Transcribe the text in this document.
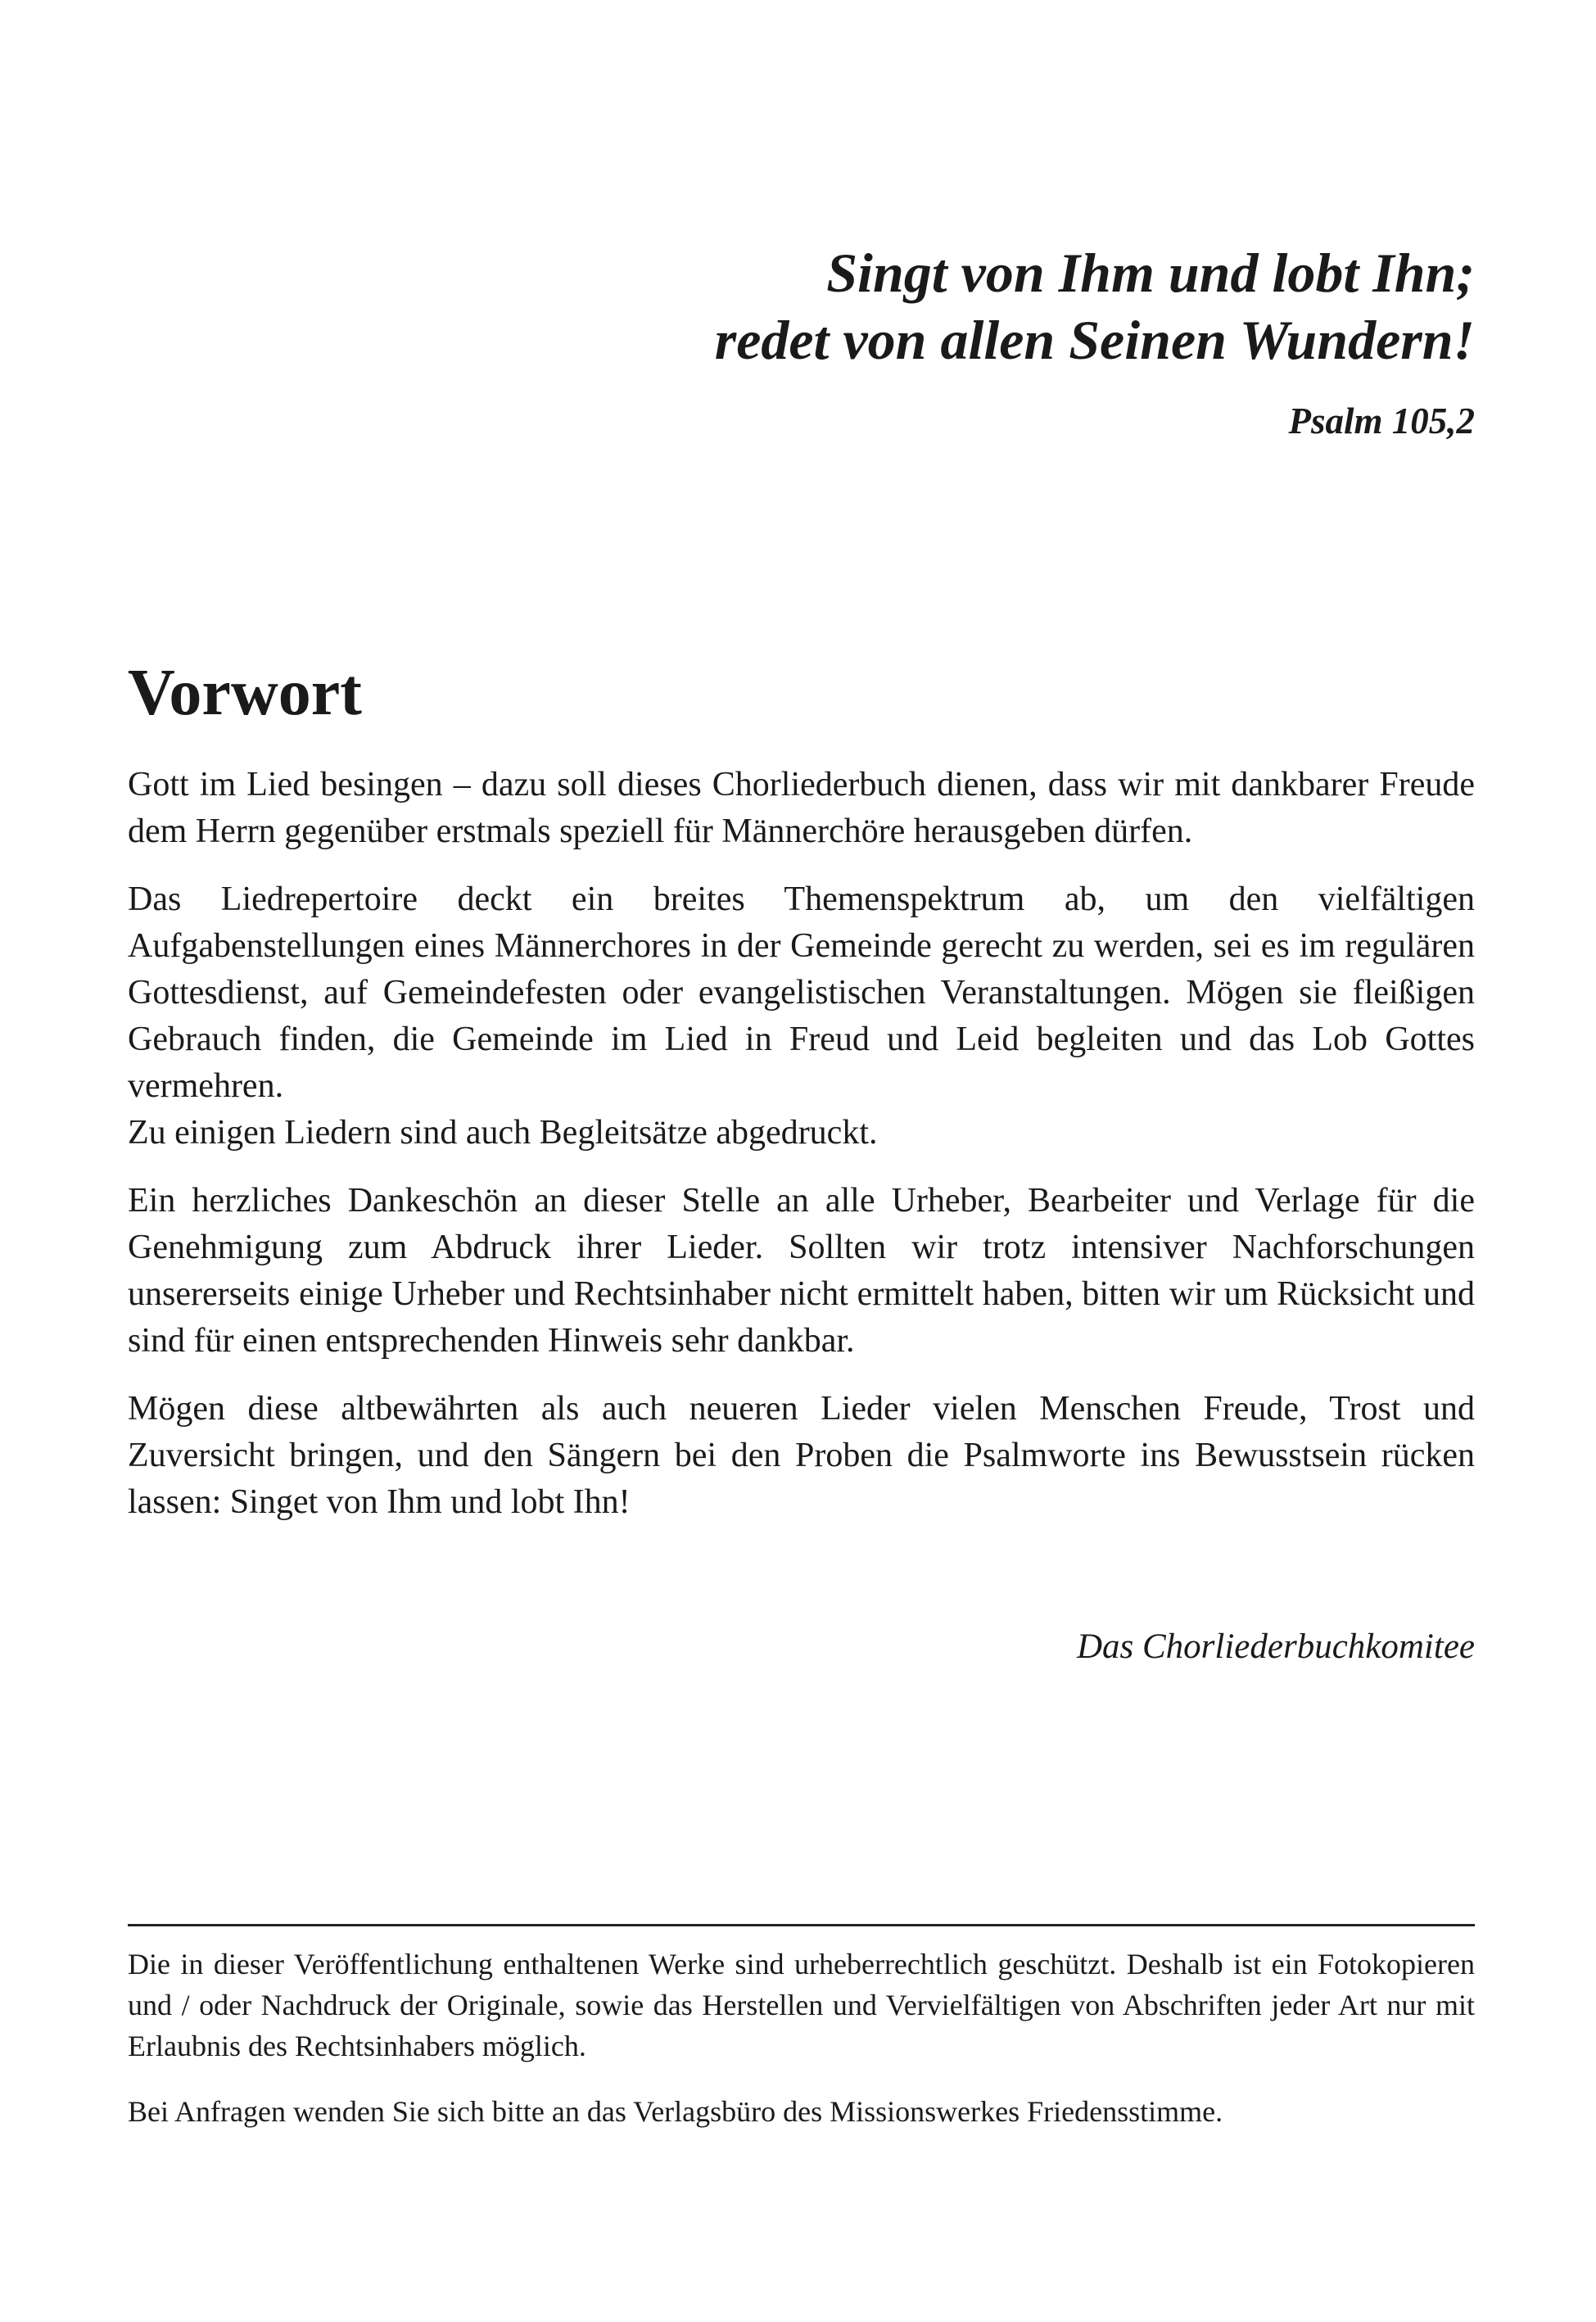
Singt von Ihm und lobt Ihn;
redet von allen Seinen Wundern!
Psalm 105,2
Vorwort

Gott im Lied besingen – dazu soll dieses Chorliederbuch dienen, dass wir mit dankbarer Freude dem Herrn gegenüber erstmals speziell für Männerchöre herausgeben dürfen.

Das Liedrepertoire deckt ein breites Themenspektrum ab, um den vielfältigen Aufgabenstellungen eines Männerchores in der Gemeinde gerecht zu werden, sei es im regulären Gottesdienst, auf Gemeindefesten oder evangelistischen Veranstaltungen. Mögen sie fleißigen Gebrauch finden, die Gemeinde im Lied in Freud und Leid begleiten und das Lob Gottes vermehren.
Zu einigen Liedern sind auch Begleitsätze abgedruckt.

Ein herzliches Dankeschön an dieser Stelle an alle Urheber, Bearbeiter und Verlage für die Genehmigung zum Abdruck ihrer Lieder. Sollten wir trotz intensiver Nachforschungen unsererseits einige Urheber und Rechtsinhaber nicht ermittelt haben, bitten wir um Rücksicht und sind für einen entsprechenden Hinweis sehr dankbar.

Mögen diese altbewährten als auch neueren Lieder vielen Menschen Freude, Trost und Zuversicht bringen, und den Sängern bei den Proben die Psalmworte ins Bewusstsein rücken lassen: Singet von Ihm und lobt Ihn!

Das Chorliederbuchkomitee

Die in dieser Veröffentlichung enthaltenen Werke sind urheberrechtlich geschützt. Deshalb ist ein Fotokopieren und / oder Nachdruck der Originale, sowie das Herstellen und Vervielfältigen von Abschriften jeder Art nur mit Erlaubnis des Rechtsinhabers möglich.

Bei Anfragen wenden Sie sich bitte an das Verlagsbüro des Missionswerkes Friedensstimme.
